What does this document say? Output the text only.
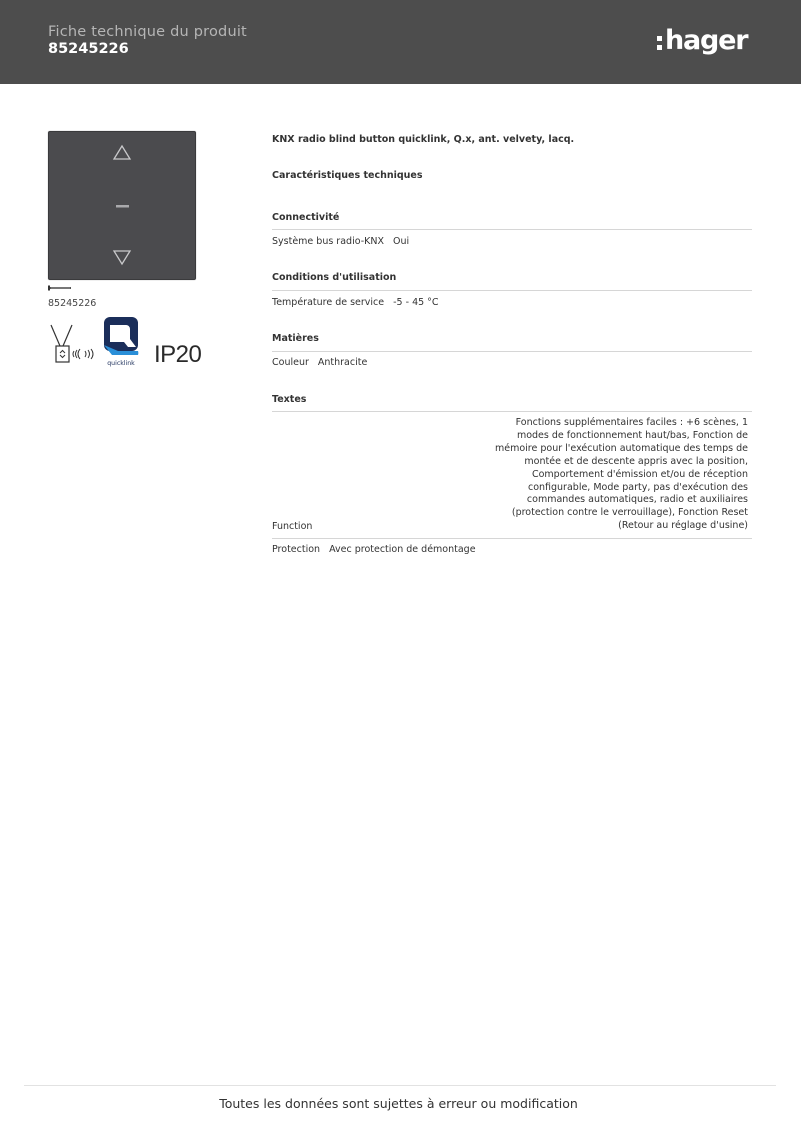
Fiche technique du produit
85245226	hager
85245226
quicklink IP20
KNX radio blind button quicklink, Q.x, ant. velvety, lacq.
Caractéristiques techniques
Connectivité
Système bus radio-KNX Oui
Conditions d'utilisation
Température de service -5 - 45 °C
Matières
Couleur Anthracite
Textes
Fonctions supplémentaires faciles : +6 scènes, 1 modes de fonctionnement haut/bas, Fonction de mémoire pour l'exécution automatique des temps de montée et de descente appris avec la position, Comportement d'émission et/ou de réception configurable, Mode party, pas d'exécution des commandes automatiques, radio et auxiliaires (protection contre le verrouillage), Fonction Reset (Retour au réglage d'usine)
Function
Protection Avec protection de démontage
Toutes les données sont sujettes à erreur ou modification
